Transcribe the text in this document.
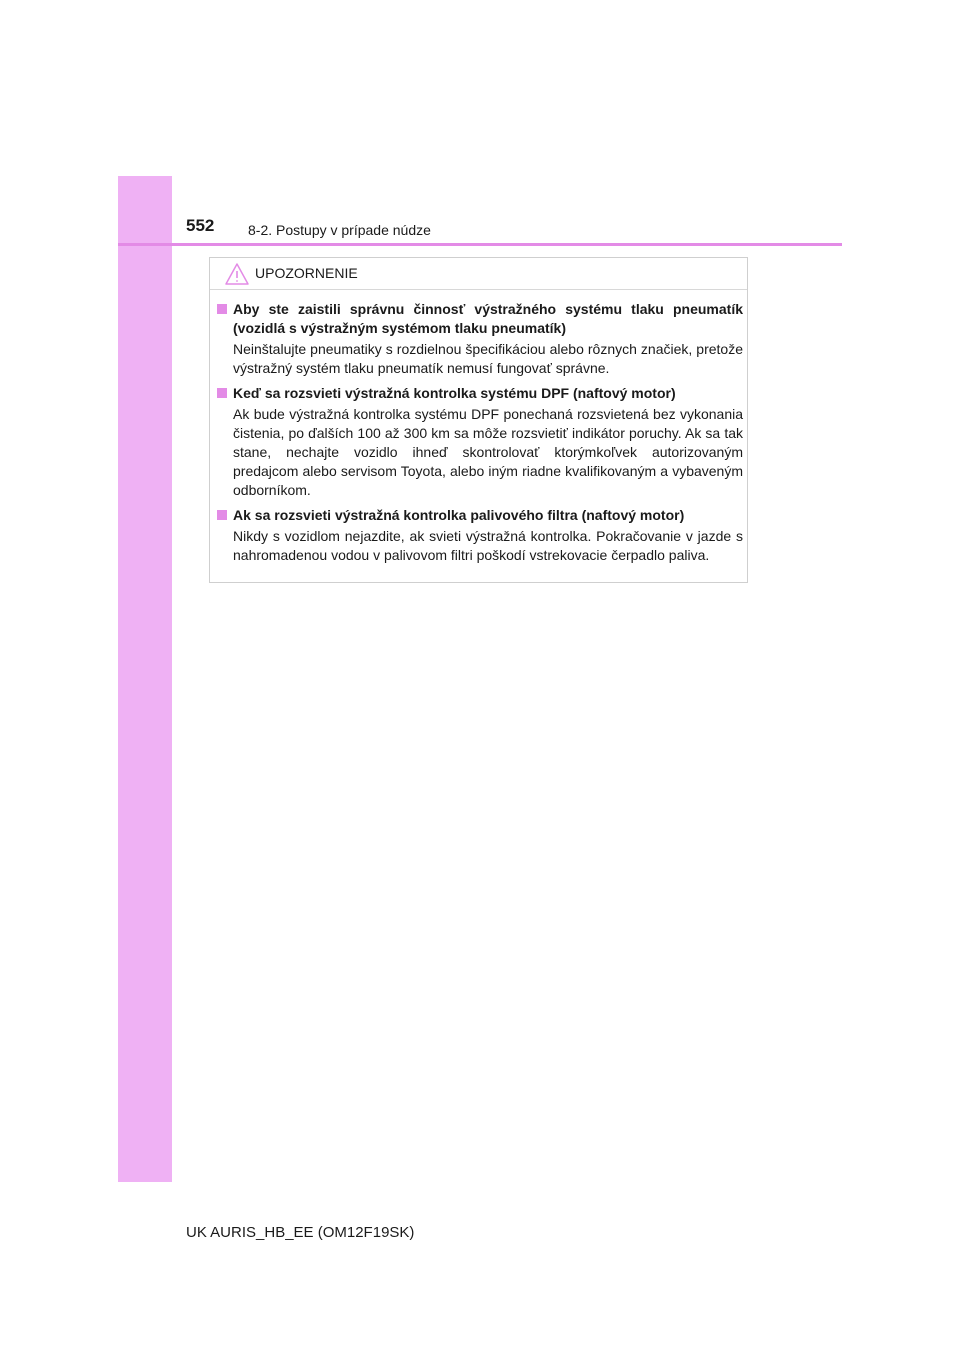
552 8-2. Postupy v prípade núdze
UPOZORNENIE
Aby ste zaistili správnu činnosť výstražného systému tlaku pneumatík (vozidlá s výstražným systémom tlaku pneumatík)
Neinštalujte pneumatiky s rozdielnou špecifikáciou alebo rôznych značiek, pretože výstražný systém tlaku pneumatík nemusí fungovať správne.
Keď sa rozsvieti výstražná kontrolka systému DPF (naftový motor)
Ak bude výstražná kontrolka systému DPF ponechaná rozsvietená bez vykonania čistenia, po ďalších 100 až 300 km sa môže rozsvietiť indikátor poruchy. Ak sa tak stane, nechajte vozidlo ihneď skontrolovať ktorýmkoľvek autorizovaným predajcom alebo servisom Toyota, alebo iným riadne kvalifikovaným a vybaveným odborníkom.
Ak sa rozsvieti výstražná kontrolka palivového filtra (naftový motor)
Nikdy s vozidlom nejazdite, ak svieti výstražná kontrolka. Pokračovanie v jazde s nahromadenou vodou v palivovom filtri poškodí vstrekovacie čerpadlo paliva.
UK AURIS_HB_EE (OM12F19SK)
